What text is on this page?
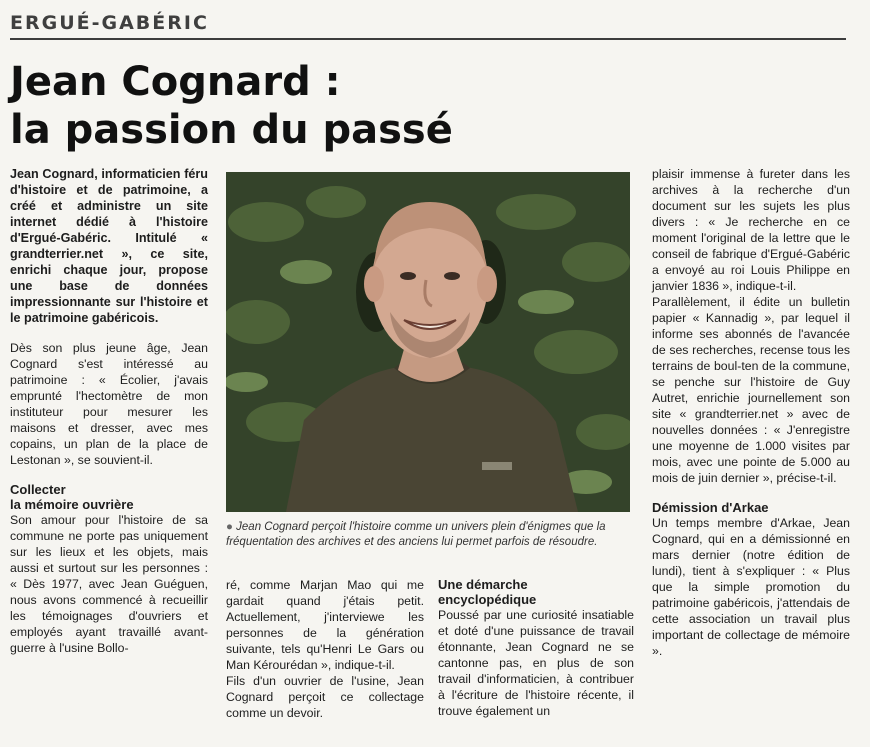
ERGUÉ-GABÉRIC
Jean Cognard :
la passion du passé

Jean Cognard, informaticien féru d'histoire et de patrimoine, a créé et administre un site internet dédié à l'histoire d'Ergué-Gabéric. Intitulé « grandterrier.net », ce site, enrichi chaque jour, propose une base de données impressionnante sur l'histoire et le patrimoine gabéricois.

Dès son plus jeune âge, Jean Cognard s'est intéressé au patrimoine : « Écolier, j'avais emprunté l'hectomètre de mon instituteur pour mesurer les maisons et dresser, avec mes copains, un plan de la place de Lestonan », se souvient-il.

Collecter
la mémoire ouvrière

Son amour pour l'histoire de sa commune ne porte pas uniquement sur les lieux et les objets, mais aussi et surtout sur les personnes : « Dès 1977, avec Jean Guéguen, nous avons commencé à recueillir les témoignages d'ouvriers et employés ayant travaillé avant-guerre à l'usine Bollo-

● Jean Cognard perçoit l'histoire comme un univers plein d'énigmes que la fréquentation des archives et des anciens lui permet parfois de résoudre.

ré, comme Marjan Mao qui me gardait quand j'étais petit. Actuellement, j'interviewe les personnes de la génération suivante, tels qu'Henri Le Gars ou Man Kérourédan », indique-t-il.

Fils d'un ouvrier de l'usine, Jean Cognard perçoit ce collectage comme un devoir.

Une démarche
encyclopédique

Poussé par une curiosité insatiable et doté d'une puissance de travail étonnante, Jean Cognard ne se cantonne pas, en plus de son travail d'informaticien, à contribuer à l'écriture de l'histoire récente, il trouve également un

plaisir immense à fureter dans les archives à la recherche d'un document sur les sujets les plus divers : « Je recherche en ce moment l'original de la lettre que le conseil de fabrique d'Ergué-Gabéric a envoyé au roi Louis Philippe en janvier 1836 », indique-t-il.

Parallèlement, il édite un bulletin papier « Kannadig », par lequel il informe ses abonnés de l'avancée de ses recherches, recense tous les terrains de boul-ten de la commune, se penche sur l'histoire de Guy Autret, enrichie journellement son site « grandterrier.net » avec de nouvelles données : « J'enregistre une moyenne de 1.000 visites par mois, avec une pointe de 5.000 au mois de juin dernier », précise-t-il.

Démission d'Arkae

Un temps membre d'Arkae, Jean Cognard, qui en a démissionné en mars dernier (notre édition de lundi), tient à s'expliquer : « Plus que la simple promotion du patrimoine gabéricois, j'attendais de cette association un travail plus important de collectage de mémoire ».
